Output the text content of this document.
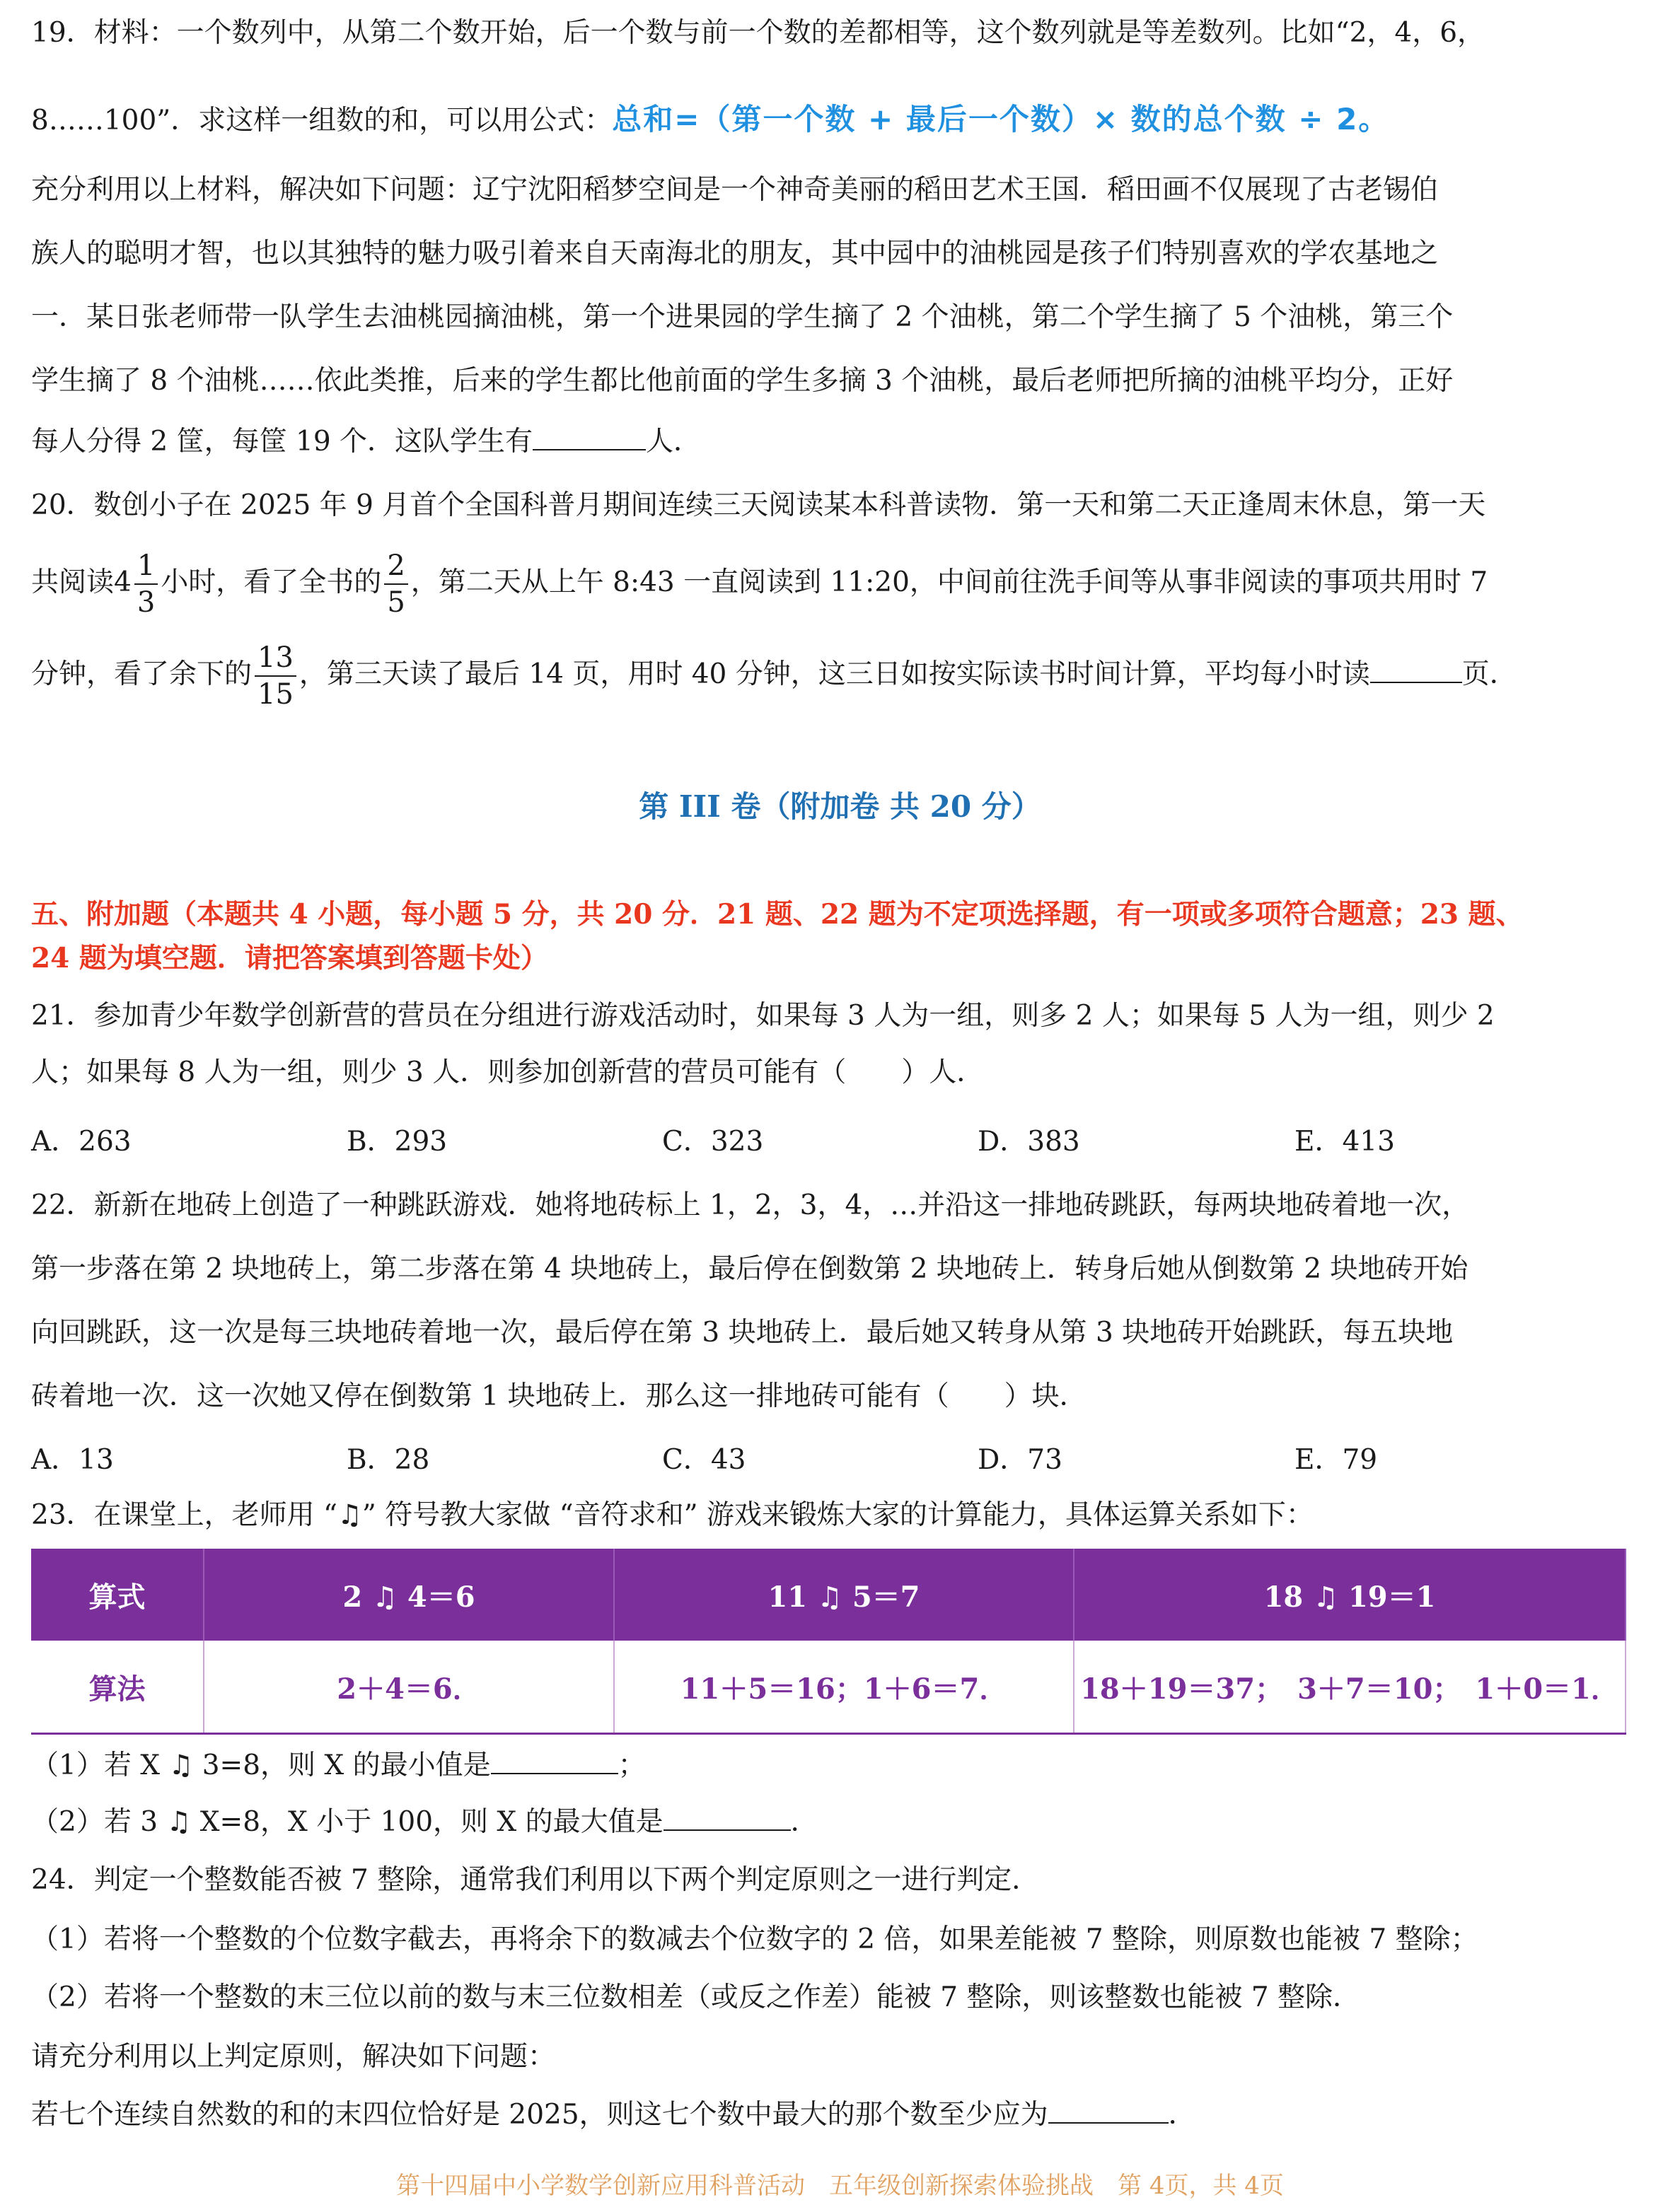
19．材料：一个数列中，从第二个数开始，后一个数与前一个数的差都相等，这个数列就是等差数列。比如“2，4，6，
8……100”．求这样一组数的和，可以用公式：总和=（第一个数 + 最后一个数）× 数的总个数 ÷ 2。
充分利用以上材料，解决如下问题：辽宁沈阳稻梦空间是一个神奇美丽的稻田艺术王国．稻田画不仅展现了古老锡伯
族人的聪明才智，也以其独特的魅力吸引着来自天南海北的朋友，其中园中的油桃园是孩子们特别喜欢的学农基地之
一．某日张老师带一队学生去油桃园摘油桃，第一个进果园的学生摘了 2 个油桃，第二个学生摘了 5 个油桃，第三个
学生摘了 8 个油桃……依此类推，后来的学生都比他前面的学生多摘 3 个油桃，最后老师把所摘的油桃平均分，正好
每人分得 2 筐，每筐 19 个．这队学生有	人．
20．数创小子在 2025 年 9 月首个全国科普月期间连续三天阅读某本科普读物．第一天和第二天正逢周末休息，第一天
共阅读$4 \frac{1}{3}$ 小时，看了全书的 $\frac{2}{5}$ ，第二天从上午 8:43 一直阅读到 11:20，中间前往洗手间等从事非阅读的事项共用时 7
分钟，看了余下的 $\frac{13}{15}$ ，第三天读了最后 14 页，用时 40 分钟，这三日如按实际读书时间计算，平均每小时读	页．
第 III 卷（附加卷 共 20 分）
五、附加题（本题共 4 小题，每小题 5 分，共 20 分．21 题、22 题为不定项选择题，有一项或多项符合题意；23 题、
24 题为填空题．请把答案填到答题卡处）
21．参加青少年数学创新营的营员在分组进行游戏活动时，如果每 3 人为一组，则多 2 人；如果每 5 人为一组，则少 2
人；如果每 8 人为一组，则少 3 人．则参加创新营的营员可能有（　　）人．
A．263	B．293	C．323	D．383	E．413
22．新新在地砖上创造了一种跳跃游戏．她将地砖标上 1，2，3，4，…并沿这一排地砖跳跃，每两块地砖着地一次，
第一步落在第 2 块地砖上，第二步落在第 4 块地砖上，最后停在倒数第 2 块地砖上．转身后她从倒数第 2 块地砖开始
向回跳跃，这一次是每三块地砖着地一次，最后停在第 3 块地砖上．最后她又转身从第 3 块地砖开始跳跃，每五块地
砖着地一次．这一次她又停在倒数第 1 块地砖上．那么这一排地砖可能有（　　）块．
A．13	B．28	C．43	D．73	E．79
23．在课堂上，老师用 “♫” 符号教大家做 “音符求和” 游戏来锻炼大家的计算能力，具体运算关系如下：
算式	2 ♫ 4＝6	11 ♫ 5＝7	18 ♫ 19＝1
算法	2＋4＝6．	11＋5＝16；1＋6＝7．	18＋19＝37；　3＋7＝10；　1＋0＝1．
（1）若 X ♫ 3=8，则 X 的最小值是	；
（2）若 3 ♫ X=8，X 小于 100，则 X 的最大值是	．
24．判定一个整数能否被 7 整除，通常我们利用以下两个判定原则之一进行判定．
（1）若将一个整数的个位数字截去，再将余下的数减去个位数字的 2 倍，如果差能被 7 整除，则原数也能被 7 整除；
（2）若将一个整数的末三位以前的数与末三位数相差（或反之作差）能被 7 整除，则该整数也能被 7 整除．
请充分利用以上判定原则，解决如下问题：
若七个连续自然数的和的末四位恰好是 2025，则这七个数中最大的那个数至少应为	．
第十四届中小学数学创新应用科普活动　五年级创新探索体验挑战　第 4页，共 4页
